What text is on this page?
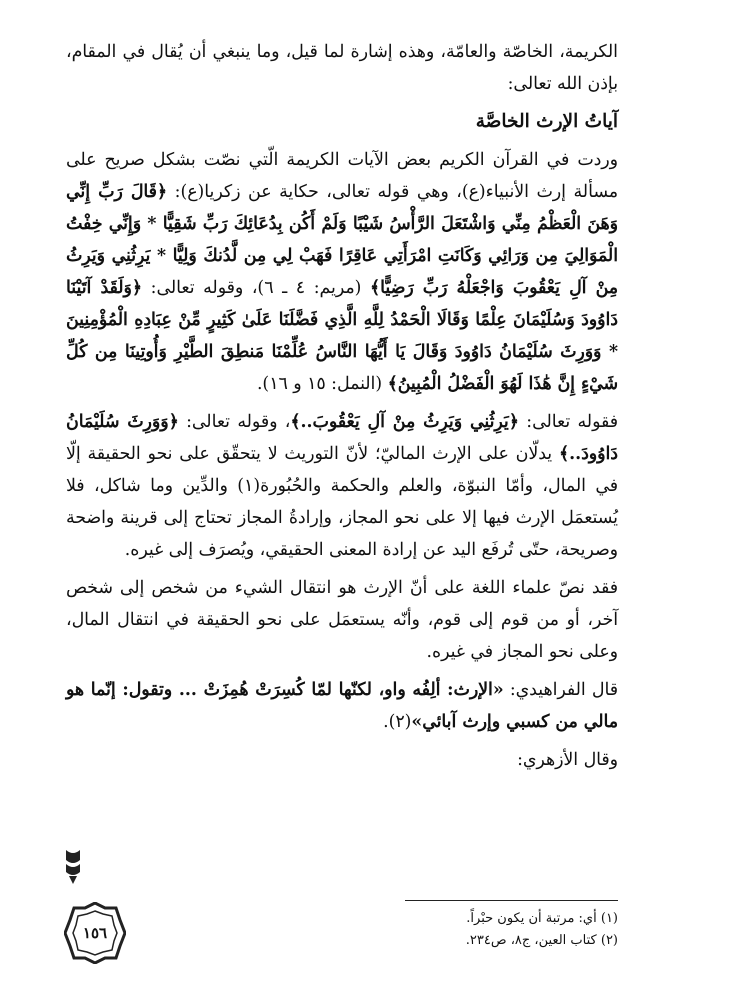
الكريمة، الخاصّة والعامّة، وهذه إشارة لما قيل، وما ينبغي أن يُقال في المقام، بإذن الله تعالى:

آياتُ الإرث الخاصَّة

وردت في القرآن الكريم بعض الآيات الكريمة الّتي نصّت بشكل صريح على مسألة إرث الأنبياء(ع)، وهي قوله تعالى، حكاية عن زكريا(ع): ﴿قَالَ رَبِّ إِنِّي وَهَنَ الْعَظْمُ مِنِّي وَاشْتَعَلَ الرَّأْسُ شَيْبًا وَلَمْ أَكُن بِدُعَائِكَ رَبِّ شَقِيًّا * وَإِنِّي خِفْتُ الْمَوَالِيَ مِن وَرَائِي وَكَانَتِ امْرَأَتِي عَاقِرًا فَهَبْ لِي مِن لَّدُنكَ وَلِيًّا * يَرِثُنِي وَيَرِثُ مِنْ آلِ يَعْقُوبَ وَاجْعَلْهُ رَبِّ رَضِيًّا﴾ (مريم: ٤ ـ ٦)، وقوله تعالى: ﴿وَلَقَدْ آتَيْنَا دَاوُودَ وَسُلَيْمَانَ عِلْمًا وَقَالَا الْحَمْدُ لِلَّهِ الَّذِي فَضَّلَنَا عَلَىٰ كَثِيرٍ مِّنْ عِبَادِهِ الْمُؤْمِنِينَ * وَوَرِثَ سُلَيْمَانُ دَاوُودَ وَقَالَ يَا أَيُّهَا النَّاسُ عُلِّمْنَا مَنطِقَ الطَّيْرِ وَأُوتِينَا مِن كُلِّ شَيْءٍ إِنَّ هَٰذَا لَهُوَ الْفَضْلُ الْمُبِينُ﴾ (النمل: ١٥ و ١٦).

فقوله تعالى: ﴿يَرِثُنِي وَيَرِثُ مِنْ آلِ يَعْقُوبَ..﴾، وقوله تعالى: ﴿وَوَرِثَ سُلَيْمَانُ دَاوُودَ..﴾ يدلّان على الإرث الماليّ؛ لأنّ التوريث لا يتحقّق على نحو الحقيقة إلّا في المال، وأمّا النبوّة، والعلم والحكمة والحُبُورة(١) والدِّين وما شاكل، فلا يُستعمَل الإرث فيها إلا على نحو المجاز، وإرادةُ المجاز تحتاج إلى قرينة واضحة وصريحة، حتّى تُرفَع اليد عن إرادة المعنى الحقيقي، ويُصرَف إلى غيره.

فقد نصّ علماء اللغة على أنّ الإرث هو انتقال الشيء من شخص إلى شخص آخر، أو من قوم إلى قوم، وأنّه يستعمَل على نحو الحقيقة في انتقال المال، وعلى نحو المجاز في غيره.

قال الفراهيدي: «الإرث: ألِفُه واو، لكنّها لمّا كُسِرَتْ هُمِزَتْ ... وتقول: إنّما هو مالي من كسبي وإرث آبائي»(٢).

وقال الأزهري:

(١) أي: مرتبة أن يكون حبْراً.

(٢) كتاب العين، ج٨، ص٢٣٤.

١٥٦
